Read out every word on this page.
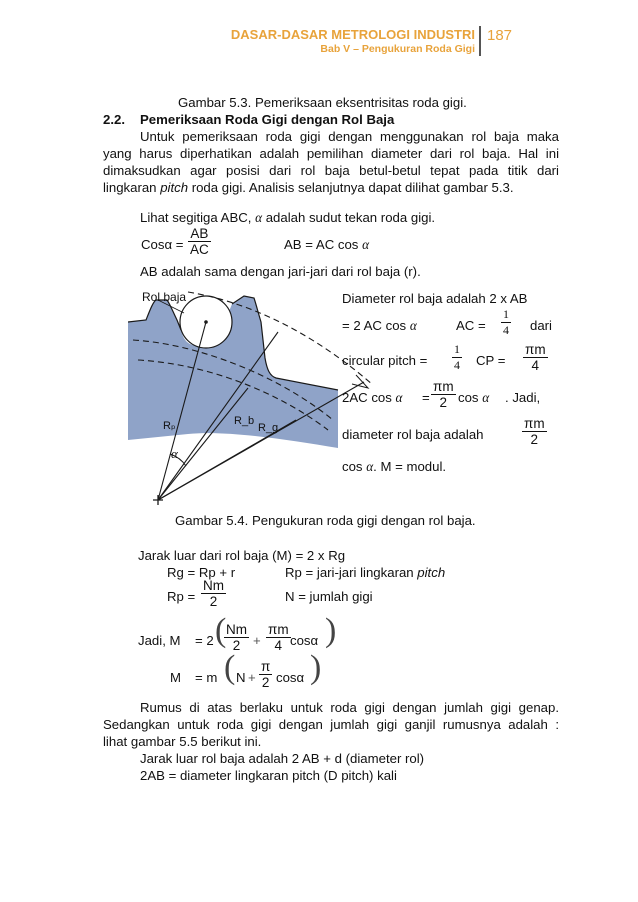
DASAR-DASAR METROLOGI INDUSTRI
Bab V – Pengukuran Roda Gigi
187
Gambar 5.3. Pemeriksaan eksentrisitas roda gigi.
2.2. Pemeriksaan Roda Gigi dengan Rol Baja
Untuk pemeriksaan roda gigi dengan menggunakan rol baja maka
yang harus diperhatikan adalah pemilihan diameter dari rol baja. Hal ini
dimaksudkan agar posisi dari rol baja betul-betul tepat pada titik dari
lingkaran pitch roda gigi. Analisis selanjutnya dapat dilihat gambar 5.3.
Lihat segitiga ABC, α adalah sudut tekan roda gigi.
$Cos\alpha = \frac{AB}{AC}$	AB = AC cos α
AB adalah sama dengan jari-jari dari rol baja (r).
Rol baja
Rₚ	R_b
R_g
α
Diameter rol baja adalah 2 x AB
= 2 AC cos α	AC = $\frac{1}{4}$ dari
circular pitch = $\frac{1}{4}$ CP = $\frac{\pi m}{4}$
2AC $\cos \alpha = \frac{\pi m}{2}$ cos α . Jadi,
diameter rol baja adalah	$\frac{\pi m}{2}$
cos α. M = modul.
Gambar 5.4. Pengukuran roda gigi dengan rol baja.
Jarak luar dari rol baja (M) = 2 x Rg
Rg = Rp + r	Rp = jari-jari lingkaran pitch
$Rp = \frac{Nm}{2}$	N = jumlah gigi
Jadi, M = 2 (
$\frac{Nm}{2} + \frac{\pi m}{4}$ cosα )
M = m ( $N + \frac{\pi}{2}$ cosα )
Rumus di atas berlaku untuk roda gigi dengan jumlah gigi genap.
Sedangkan untuk roda gigi dengan jumlah gigi ganjil rumusnya adalah :
lihat gambar 5.5 berikut ini.
Jarak luar rol baja adalah 2 AB + d (diameter rol)
2AB = diameter lingkaran pitch (D pitch) kali
